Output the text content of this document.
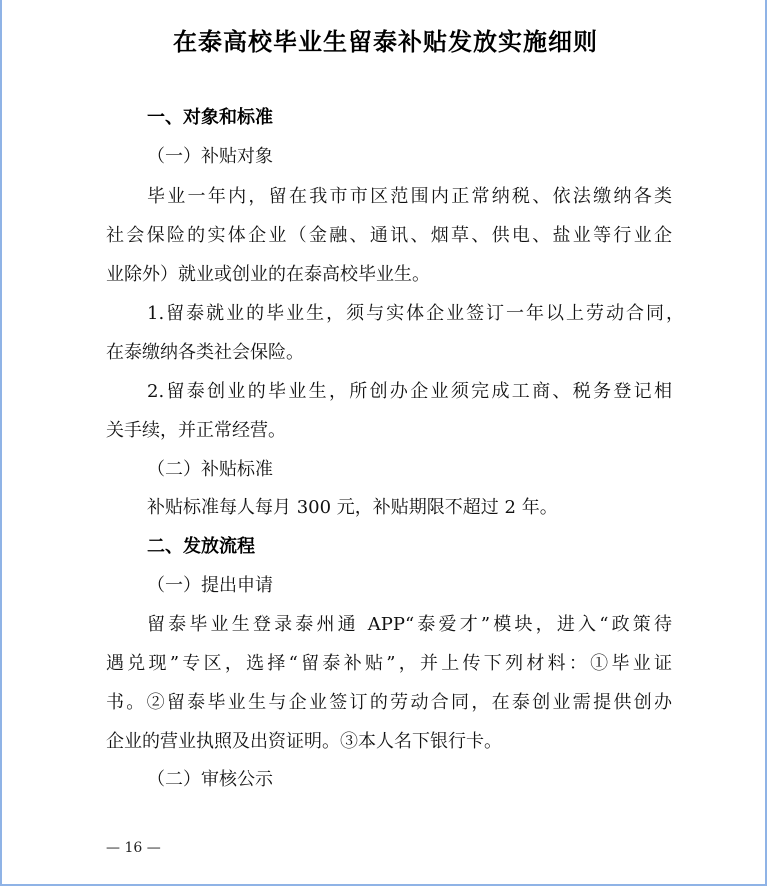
在泰高校毕业生留泰补贴发放实施细则
一、对象和标准
（一）补贴对象
毕业一年内，留在我市市区范围内正常纳税、依法缴纳各类
社会保险的实体企业（金融、通讯、烟草、供电、盐业等行业企
业除外）就业或创业的在泰高校毕业生。
1.留泰就业的毕业生，须与实体企业签订一年以上劳动合同，
在泰缴纳各类社会保险。
2.留泰创业的毕业生，所创办企业须完成工商、税务登记相
关手续，并正常经营。
（二）补贴标准
补贴标准每人每月 300 元，补贴期限不超过 2 年。
二、发放流程
（一）提出申请
留泰毕业生登录泰州通 APP“泰爱才”模块，进入“政策待
遇兑现”专区，选择“留泰补贴”，并上传下列材料：①毕业证
书。②留泰毕业生与企业签订的劳动合同，在泰创业需提供创办
企业的营业执照及出资证明。③本人名下银行卡。
（二）审核公示
— 16 —
